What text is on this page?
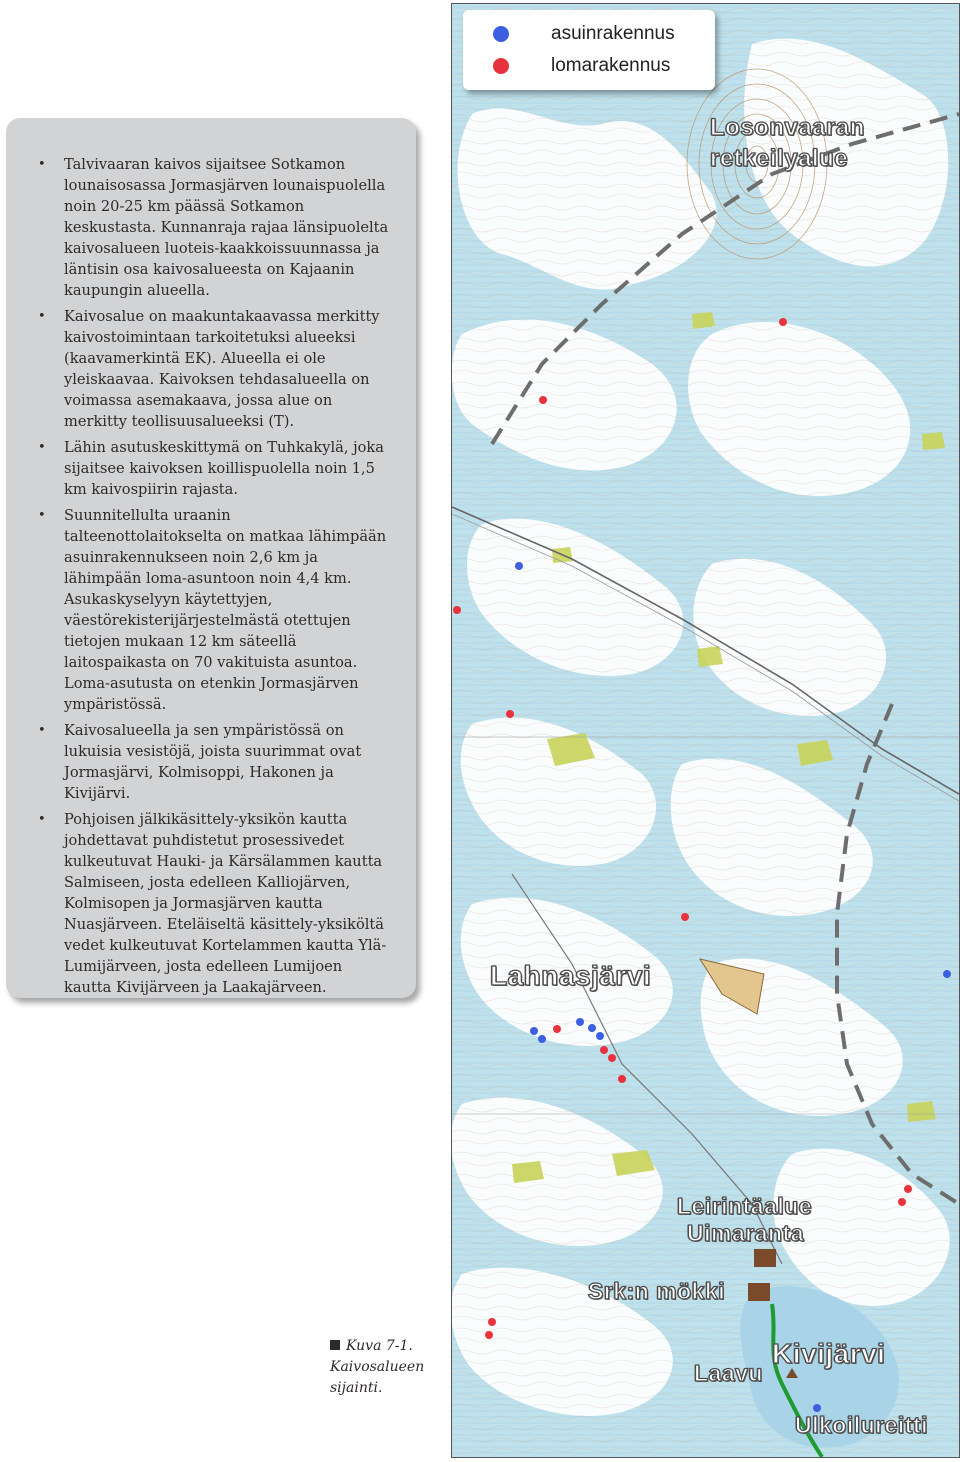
• Talvivaaran kaivos sijaitsee Sotkamon lounaisosassa Jormasjärven lounaispuolella noin 20-25 km päässä Sotkamon keskustasta. Kunnanraja rajaa länsipuolelta kaivosalueen luoteis-kaakkoissuunnassa ja läntisin osa kaivosalueesta on Kajaanin kaupungin alueella.
• Kaivosalue on maakuntakaavassa merkitty kaivostoimintaan tarkoitetuksi alueeksi (kaavamerkintä EK). Alueella ei ole yleiskaavaa. Kaivoksen tehdasalueella on voimassa asemakaava, jossa alue on merkitty teollisuusalueeksi (T).
• Lähin asutuskeskittymä on Tuhkakylä, joka sijaitsee kaivoksen koillispuolella noin 1,5 km kaivospiirin rajasta.
• Suunnitellulta uraanin talteenottolaitokselta on matkaa lähimpään asuinrakennukseen noin 2,6 km ja lähimpään loma-asuntoon noin 4,4 km. Asukaskyselyyn käytettyjen, väestörekisterijärjestelmästä otettujen tietojen mukaan 12 km säteellä laitospaikasta on 70 vakituista asuntoa. Loma-asutusta on etenkin Jormasjärven ympäristössä.
• Kaivosalueella ja sen ympäristössä on lukuisia vesistöjä, joista suurimmat ovat Jormasjärvi, Kolmisoppi, Hakonen ja Kivijärvi.
• Pohjoisen jälkikäsittely-yksikön kautta johdettavat puhdistetut prosessivedet kulkeutuvat Hauki- ja Kärsälammen kautta Salmiseen, josta edelleen Kalliojärven, Kolmisopen ja Jormasjärven kautta Nuasjärveen. Eteläiseltä käsittely-yksiköltä vedet kulkeutuvat Kortelammen kautta Ylä-Lumijärveen, josta edelleen Lumijoen kautta Kivijärveen ja Laakajärveen.
Losonvaaran
retkeilyalue
Lahnasjärvi
Leirintäalue
Uimaranta
Srk:n mökki
Kivijärvi
Laavu
Ulkoilureitti
asuinrakennus
lomarakennus
Kuva 7-1.
Kaivosalueen
sijainti.
